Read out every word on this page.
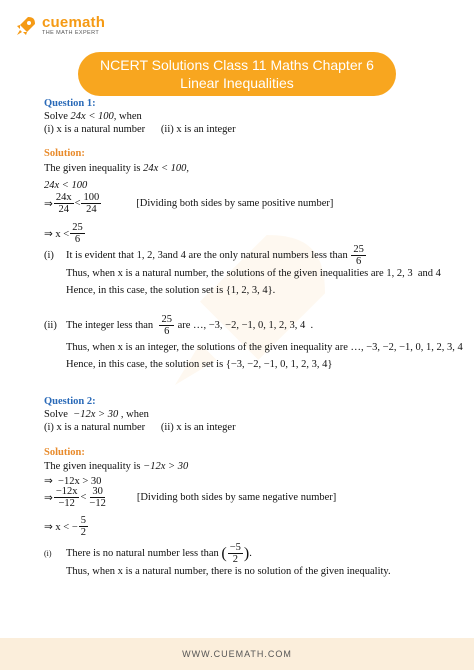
cuemath
THE MATH EXPERT
NCERT Solutions Class 11 Maths Chapter 6
Linear Inequalities
Question 1:
Solve
24x < 100,
when
(i) x is a natural number      (ii) x is an integer
Solution:
The given inequality is
24x < 100,
24x < 100
⇒ $\frac{24x}{24} < \frac{100}{24}$	[Dividing both sides by same positive number]
⇒ $x < \frac{25}{6}$
(i)	It is evident that
1, 2, 3 and 4 are the only natural numbers less than
$\frac{25}{6}$
Thus, when x is a natural number, the solutions of the given inequalities are
1, 2, 3
and 4
Hence, in this case, the solution set is
{1, 2, 3, 4} .
(ii) The integer less than
$\frac{25}{6}$
are
…, −3, −2, −1, 0, 1, 2, 3, 4
.
Thus, when x is an integer, the solutions of the given inequality are
…, −3, −2, −1, 0, 1, 2, 3, 4
Hence, in this case, the solution set is
{−3, −2, −1, 0, 1, 2, 3, 4}
Question 2:
Solve
−12x > 30
, when
(i) x is a natural number      (ii) x is an integer
Solution:
The given inequality is
−12x > 30
⇒  −12x > 30
⇒ $\frac{-12x}{-12} < \frac{30}{-12}$	[Dividing both sides by same negative number]
⇒ x < − $\frac{5}{2}$
(i)	There is no natural number less than
( $\frac{-5}{2}$ ) .
Thus, when x is a natural number, there is no solution of the given inequality.
WWW.CUEMATH.COM
